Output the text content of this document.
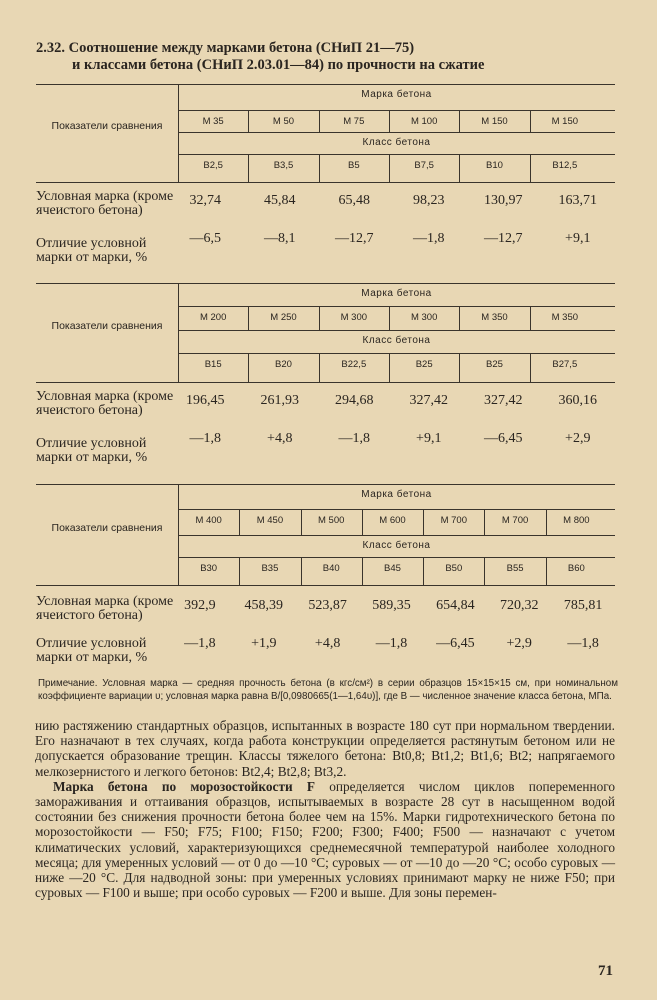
2.32. Соотношение между марками бетона (СНиП 21—75)
и классами бетона (СНиП 2.03.01—84) по прочности на сжатие
Марка бетона
Класс бетона
Показатели сравнения	М 35	М 50	М 75	М 100	М 150	М 150
В2,5	В3,5	В5	В7,5	В10	В12,5
Условная марка (кроме ячеистого бетона)
Отличие условной марки от марки, %
32,74	45,84	65,48	98,23	130,97	163,71
—6,5	—8,1	—12,7	—1,8	—12,7	+9,1
Марка бетона
Класс бетона
Показатели сравнения
М 200	М 250	М 300	М 300	М 350	М 350
В15	В20	В22,5	В25	В25	В27,5
Условная марка (кроме ячеистого бетона)
Отличие условной марки от марки, %
196,45	261,93	294,68	327,42	327,42	360,16
—1,8	+4,8	—1,8	+9,1	—6,45	+2,9
Марка бетона
Класс бетона
Показатели сравнения
М 400	М 450	М 500	М 600	М 700	М 700	М 800
В30	В35	В40	В45	В50	В55	В60
Условная марка (кроме ячеистого бетона)
Отличие условной марки от марки, %
392,9	458,39	523,87	589,35	654,84	720,32	785,81
—1,8	+1,9	+4,8	—1,8	—6,45	+2,9	—1,8
Примечание. Условная марка — средняя прочность бетона (в кгс/см²) в серии образцов 15×15×15 см, при номинальном коэффициенте вариации υ; условная марка равна В/[0,0980665(1—1,64υ)], где В — численное значение класса бетона, МПа.

нию растяжению стандартных образцов, испытанных в возрасте 180 сут при нормальном твердении. Его назначают в тех случаях, когда работа конструкции определяется растянутым бетоном или не допускается образование трещин. Классы тяжелого бетона: Bt0,8; Bt1,2; Bt1,6; Bt2; напрягаемого мелкозернистого и легкого бетонов: Bt2,4; Bt2,8; Bt3,2.

Марка бетона по морозостойкости F определяется числом циклов попеременного замораживания и оттаивания образцов, испытываемых в возрасте 28 сут в насыщенном водой состоянии без снижения прочности бетона более чем на 15%. Марки гидротехнического бетона по морозостойкости — F50; F75; F100; F150; F200; F300; F400; F500 — назначают с учетом климатических условий, характеризующихся среднемесячной температурой наиболее холодного месяца; для умеренных условий — от 0 до —10 °С; суровых — от —10 до —20 °С; особо суровых — ниже —20 °С. Для надводной зоны: при умеренных условиях принимают марку не ниже F50; при суровых — F100 и выше; при особо суровых — F200 и выше. Для зоны перемен-

71
